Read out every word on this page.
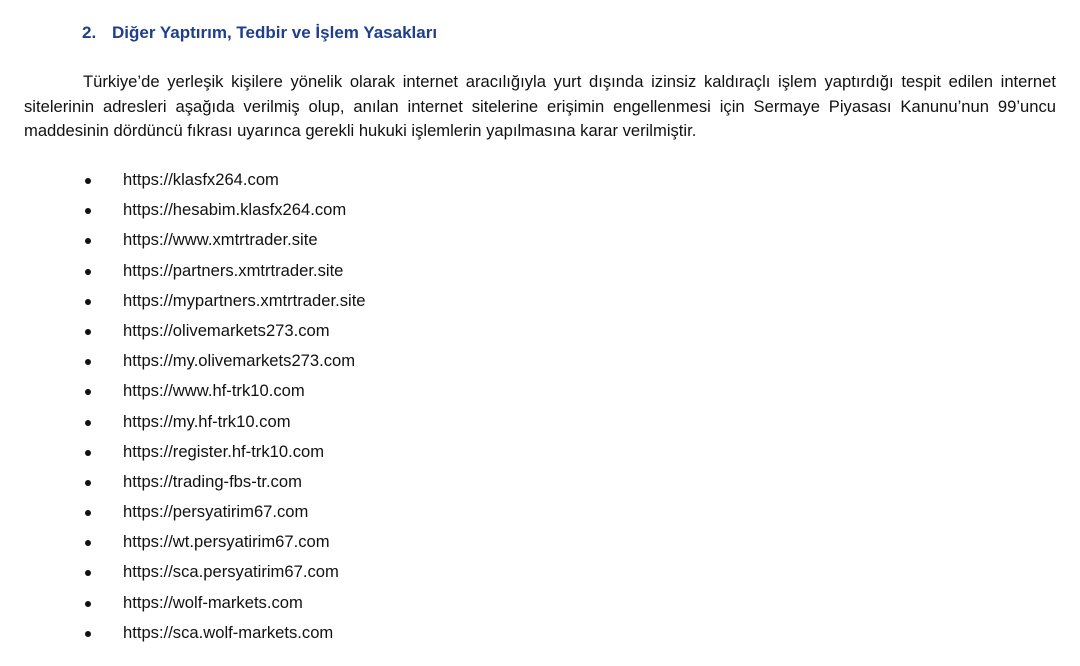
2. Diğer Yaptırım, Tedbir ve İşlem Yasakları

Türkiye’de yerleşik kişilere yönelik olarak internet aracılığıyla yurt dışında izinsiz kaldıraçlı işlem yaptırdığı tespit edilen internet sitelerinin adresleri aşağıda verilmiş olup, anılan internet sitelerine erişimin engellenmesi için Sermaye Piyasası Kanunu’nun 99’uncu maddesinin dördüncü fıkrası uyarınca gerekli hukuki işlemlerin yapılmasına karar verilmiştir.

https://klasfx264.com
https://hesabim.klasfx264.com
https://www.xmtrtrader.site
https://partners.xmtrtrader.site
https://mypartners.xmtrtrader.site
https://olivemarkets273.com
https://my.olivemarkets273.com
https://www.hf-trk10.com
https://my.hf-trk10.com
https://register.hf-trk10.com
https://trading-fbs-tr.com
https://persyatirim67.com
https://wt.persyatirim67.com
https://sca.persyatirim67.com
https://wolf-markets.com
https://sca.wolf-markets.com
